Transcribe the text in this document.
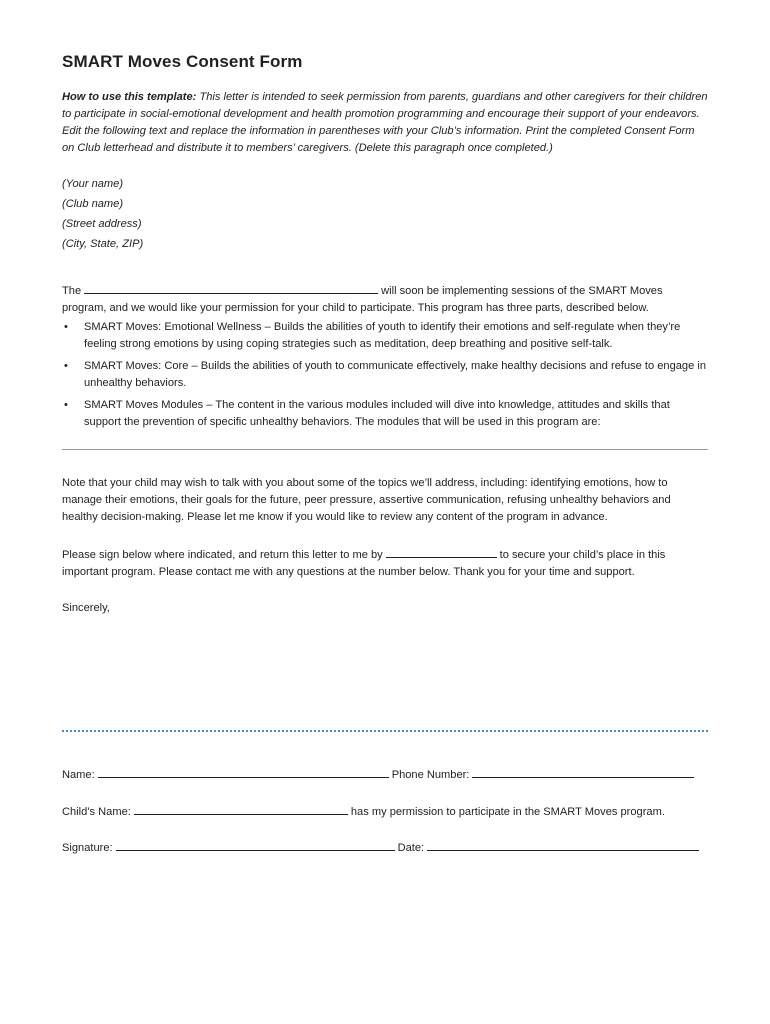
SMART Moves Consent Form

How to use this template: This letter is intended to seek permission from parents, guardians and other caregivers for their children to participate in social-emotional development and health promotion programming and encourage their support of your endeavors. Edit the following text and replace the information in parentheses with your Club’s information. Print the completed Consent Form on Club letterhead and distribute it to members’ caregivers. (Delete this paragraph once completed.)

(Your name)
(Club name)
(Street address)
(City, State, ZIP)

The	will soon be implementing sessions of the SMART Moves program, and we would like your permission for your child to participate. This program has three parts, described below.

• SMART Moves: Emotional Wellness – Builds the abilities of youth to identify their emotions and self-regulate when they’re feeling strong emotions by using coping strategies such as meditation, deep breathing and positive self-talk.
• SMART Moves: Core – Builds the abilities of youth to communicate effectively, make healthy decisions and refuse to engage in unhealthy behaviors.
• SMART Moves Modules – The content in the various modules included will dive into knowledge, attitudes and skills that support the prevention of specific unhealthy behaviors. The modules that will be used in this program are:

Note that your child may wish to talk with you about some of the topics we’ll address, including: identifying emotions, how to manage their emotions, their goals for the future, peer pressure, assertive communication, refusing unhealthy behaviors and healthy decision-making. Please let me know if you would like to review any content of the program in advance.

Please sign below where indicated, and return this letter to me by	to secure your child’s place in this important program. Please contact me with any questions at the number below. Thank you for your time and support.

Sincerely,

Name:	Phone Number:
Child’s Name:	has my permission to participate in the SMART Moves program.
Signature:	Date:
